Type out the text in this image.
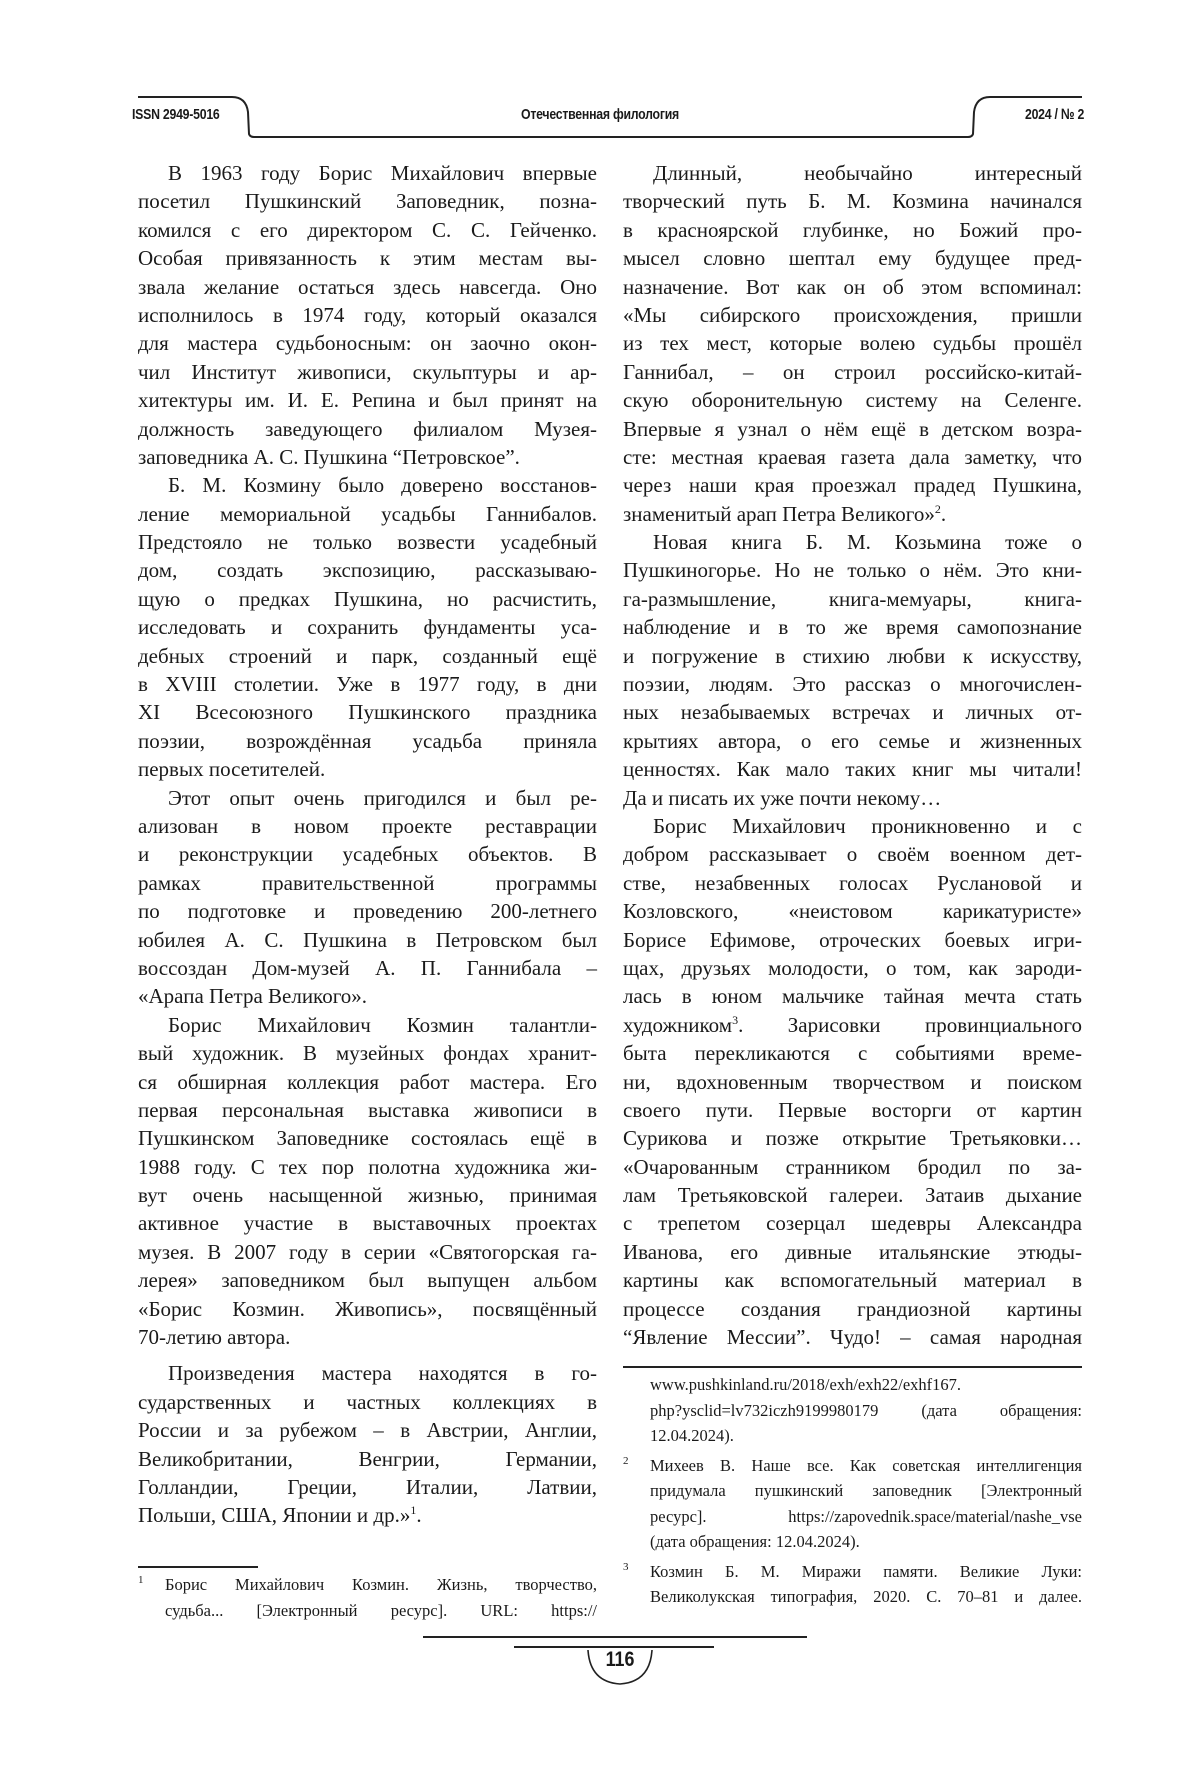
ISSN 2949-5016	Отечественная филология	2024 / № 2
В 1963 году Борис Михайлович впервые
посетил Пушкинский Заповедник, позна-
комился с его директором С. С. Гейченко.
Особая привязанность к этим местам вы-
звала желание остаться здесь навсегда. Оно
исполнилось в 1974 году, который оказался
для мастера судьбоносным: он заочно окон-
чил Институт живописи, скульптуры и ар-
хитектуры им. И. Е. Репина и был принят на
должность заведующего филиалом Музея-
заповедника А. С. Пушкина “Петровское”.
Б. М. Козмину было доверено восстанов-
ление мемориальной усадьбы Ганнибалов.
Предстояло не только возвести усадебный
дом, создать экспозицию, рассказываю-
щую о предках Пушкина, но расчистить,
исследовать и сохранить фундаменты уса-
дебных строений и парк, созданный ещё
в XVIII столетии. Уже в 1977 году, в дни
XI Всесоюзного Пушкинского праздника
поэзии, возрождённая усадьба приняла
первых посетителей.
Этот опыт очень пригодился и был ре-
ализован в новом проекте реставрации
и реконструкции усадебных объектов. В
рамках правительственной программы
по подготовке и проведению 200-летнего
юбилея А. С. Пушкина в Петровском был
воссоздан Дом-музей А. П. Ганнибала –
«Арапа Петра Великого».
Борис Михайлович Козмин талантли-
вый художник. В музейных фондах хранит-
ся обширная коллекция работ мастера. Его
первая персональная выставка живописи в
Пушкинском Заповеднике состоялась ещё в
1988 году. С тех пор полотна художника жи-
вут очень насыщенной жизнью, принимая
активное участие в выставочных проектах
музея. В 2007 году в серии «Святогорская га-
лерея» заповедником был выпущен альбом
«Борис Козмин. Живопись», посвящённый
70-летию автора.
Произведения мастера находятся в го-
сударственных и частных коллекциях в
России и за рубежом – в Австрии, Англии,
Великобритании, Венгрии, Германии,
Голландии, Греции, Италии, Латвии,
Польши, США, Японии и др.»1.
Длинный, необычайно интересный
творческий путь Б. М. Козмина начинался
в красноярской глубинке, но Божий про-
мысел словно шептал ему будущее пред-
назначение. Вот как он об этом вспоминал:
«Мы сибирского происхождения, пришли
из тех мест, которые волею судьбы прошёл
Ганнибал, – он строил российско-китай-
скую оборонительную систему на Селенге.
Впервые я узнал о нём ещё в детском возра-
сте: местная краевая газета дала заметку, что
через наши края проезжал прадед Пушкина,
знаменитый арап Петра Великого»2.
Новая книга Б. М. Козьмина тоже о
Пушкиногорье. Но не только о нём. Это кни-
га-размышление, книга-мемуары, книга-
наблюдение и в то же время самопознание
и погружение в стихию любви к искусству,
поэзии, людям. Это рассказ о многочислен-
ных незабываемых встречах и личных от-
крытиях автора, о его семье и жизненных
ценностях. Как мало таких книг мы читали!
Да и писать их уже почти некому…
Борис Михайлович проникновенно и с
добром рассказывает о своём военном дет-
стве, незабвенных голосах Руслановой и
Козловского, «неистовом карикатуристе»
Борисе Ефимове, отроческих боевых игри-
щах, друзьях молодости, о том, как зароди-
лась в юном мальчике тайная мечта стать
художником3. Зарисовки провинциального
быта перекликаются с событиями време-
ни, вдохновенным творчеством и поиском
своего пути. Первые восторги от картин
Сурикова и позже открытие Третьяковки…
«Очарованным странником бродил по за-
лам Третьяковской галереи. Затаив дыхание
с трепетом созерцал шедевры Александра
Иванова, его дивные итальянские этюды-
картины как вспомогательный материал в
процессе создания грандиозной картины
“Явление Мессии”. Чудо! – самая народная
1	Борис Михайлович Козмин. Жизнь, творчество,
судьба... [Электронный ресурс]. URL: https://
www.pushkinland.ru/2018/exh/exh22/exhf167.
php?ysclid=lv732iczh9199980179 (дата обращения:
12.04.2024).
2	Михеев В. Наше все. Как советская интеллигенция
придумала пушкинский заповедник [Электронный
ресурс]. https://zapovednik.space/material/nashe_vse
(дата обращения: 12.04.2024).
3	Козмин Б. М. Миражи памяти. Великие Луки:
Великолукская типография, 2020. С. 70–81 и далее.
116
